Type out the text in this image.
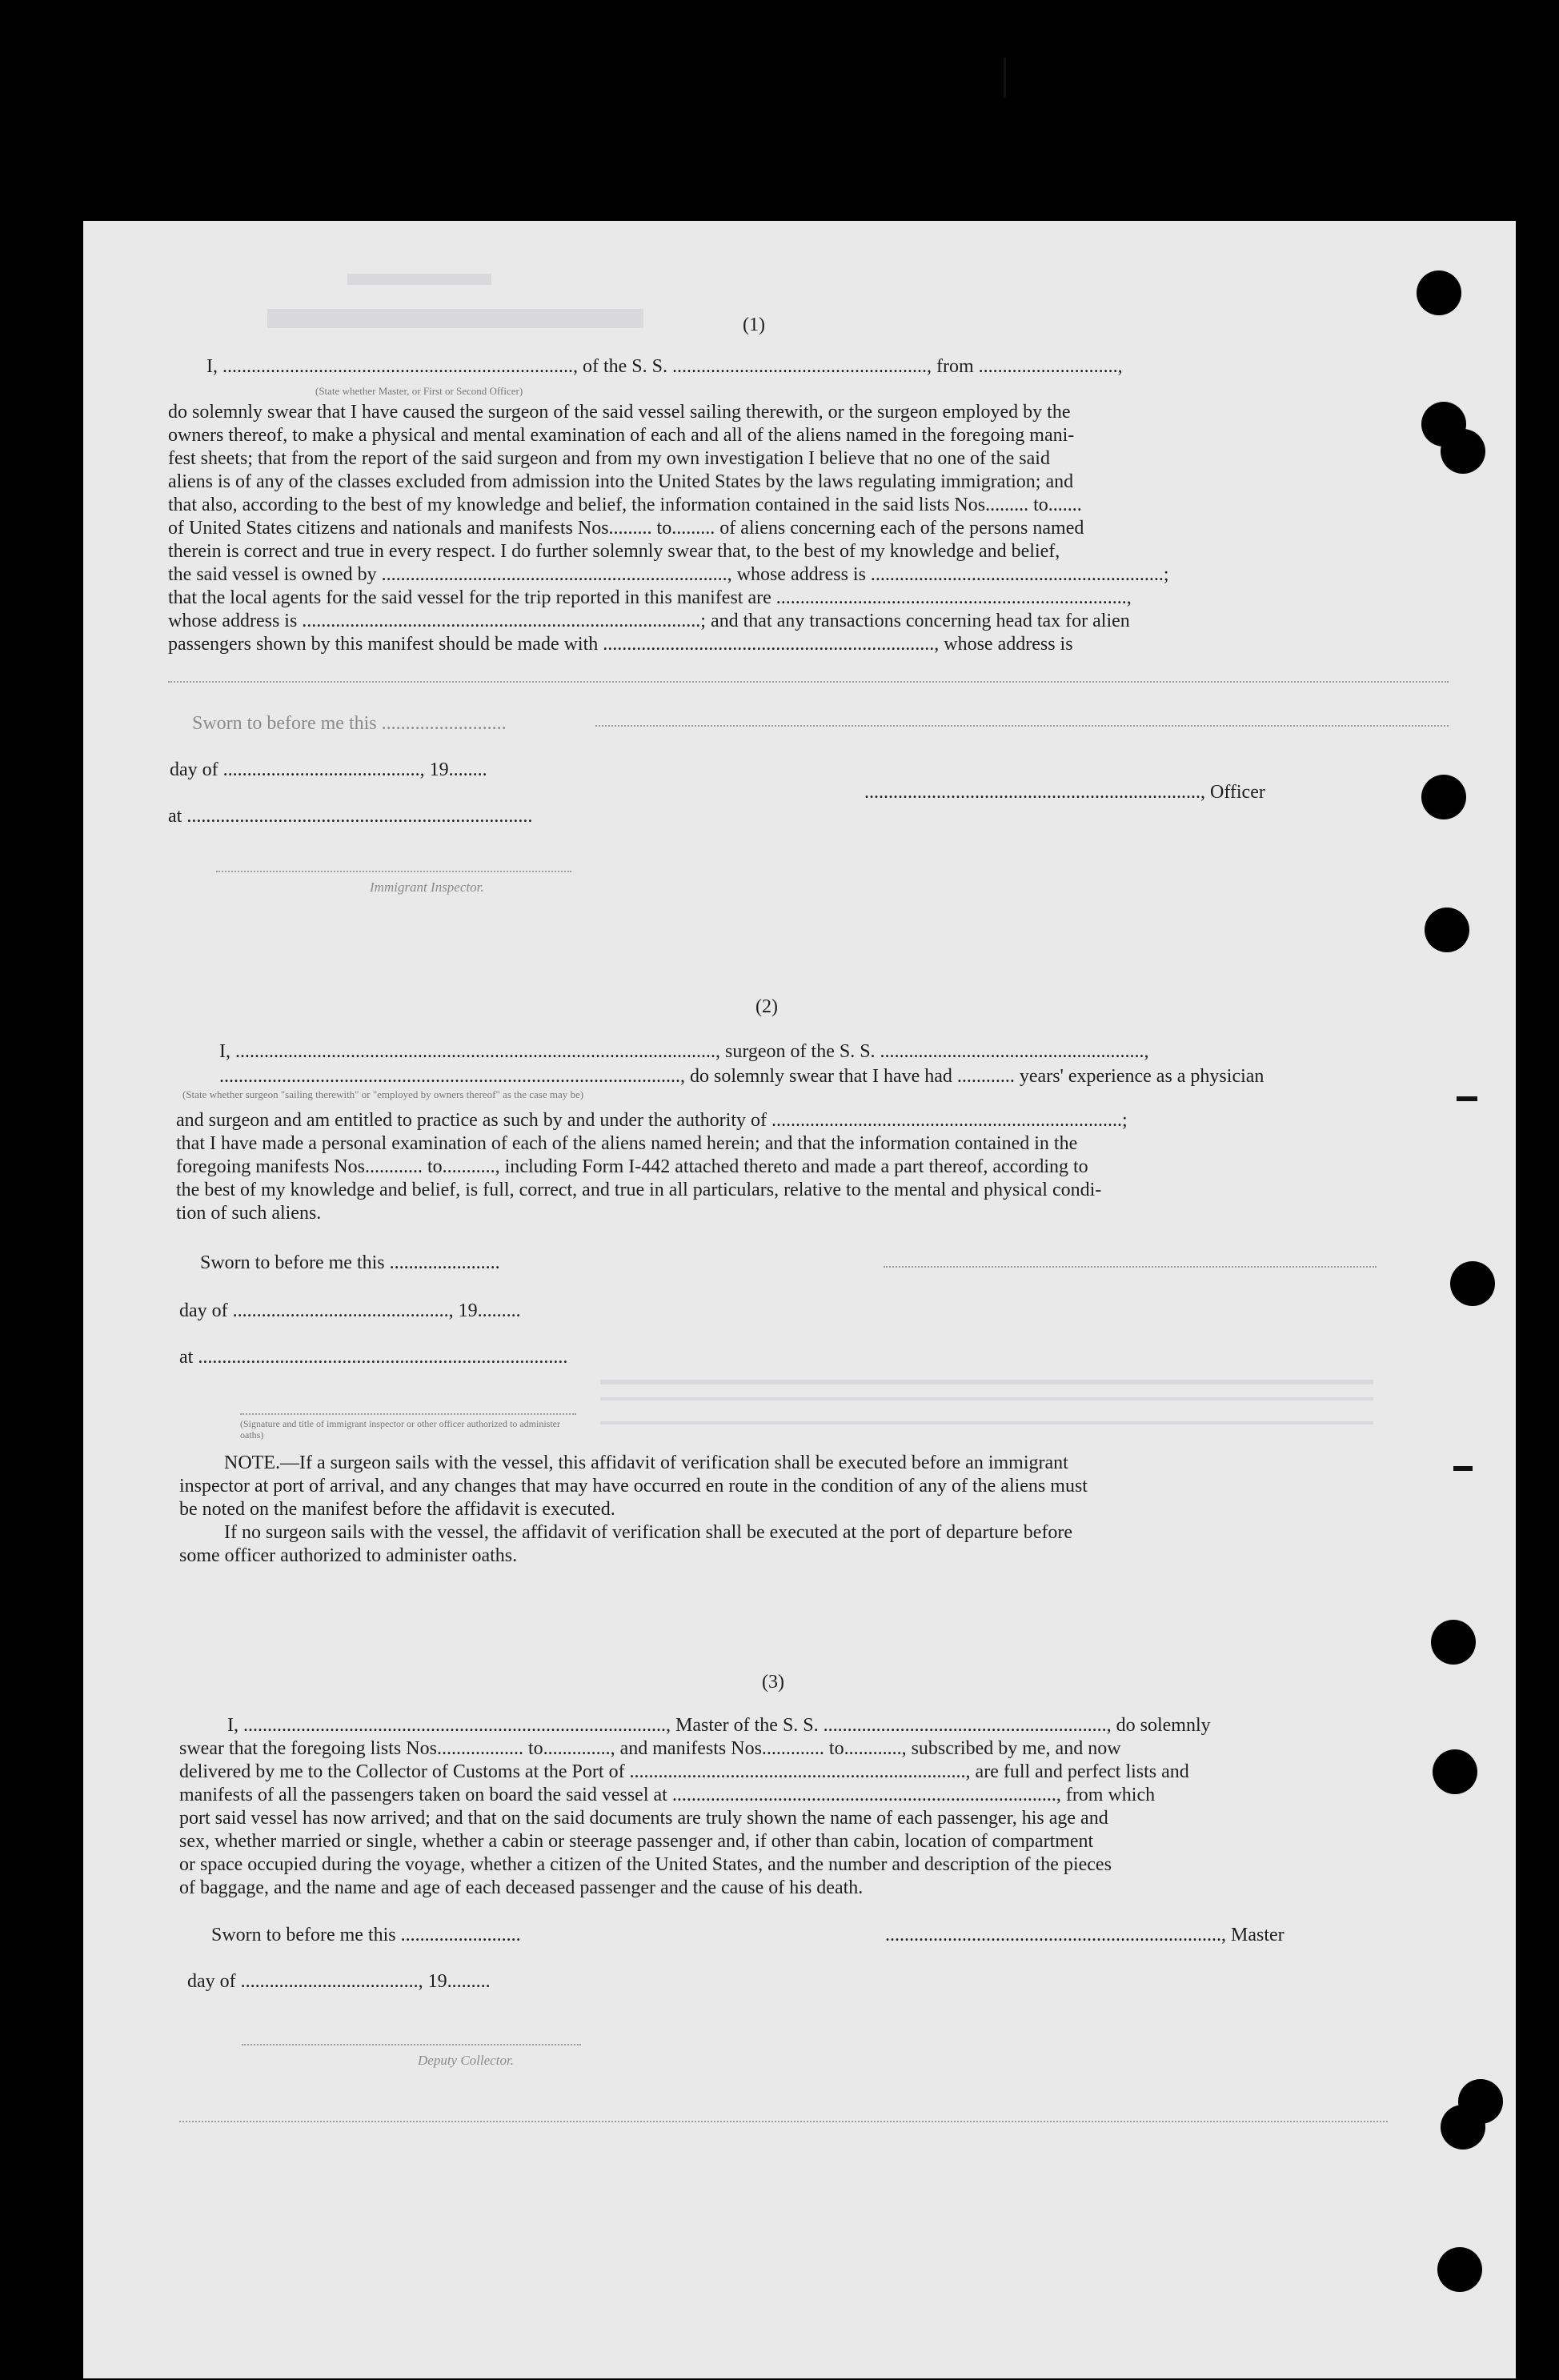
(1)
I, ........................................................................., of the S. S. ....................................................., from .............................,
(State whether Master, or First or Second Officer)
do solemnly swear that I have caused the surgeon of the said vessel sailing therewith, or the surgeon employed by the
owners thereof, to make a physical and mental examination of each and all of the aliens named in the foregoing mani-
fest sheets; that from the report of the said surgeon and from my own investigation I believe that no one of the said
aliens is of any of the classes excluded from admission into the United States by the laws regulating immigration; and
that also, according to the best of my knowledge and belief, the information contained in the said lists Nos......... to.......
of United States citizens and nationals and manifests Nos......... to......... of aliens concerning each of the persons named
therein is correct and true in every respect. I do further solemnly swear that, to the best of my knowledge and belief,
the said vessel is owned by ........................................................................, whose address is .............................................................;
that the local agents for the said vessel for the trip reported in this manifest are .........................................................................,
whose address is ...................................................................................; and that any transactions concerning head tax for alien
passengers shown by this manifest should be made with ....................................................................., whose address is
Sworn to before me this ..........................
day of ........................................., 19........
......................................................................, Officer
at ........................................................................
Immigrant Inspector.
(2)
I, ...................................................................................................., surgeon of the S. S. .......................................................,
................................................................................................, do solemnly swear that I have had ............ years' experience as a physician
(State whether surgeon "sailing therewith" or "employed by owners thereof" as the case may be)
and surgeon and am entitled to practice as such by and under the authority of .........................................................................;
that I have made a personal examination of each of the aliens named herein; and that the information contained in the
foregoing manifests Nos............ to..........., including Form I-442 attached thereto and made a part thereof, according to
the best of my knowledge and belief, is full, correct, and true in all particulars, relative to the mental and physical condi-
tion of such aliens.
Sworn to before me this .......................
day of ............................................., 19.........
at .............................................................................
(Signature and title of immigrant inspector or other officer authorized to administer oaths)
NOTE.—If a surgeon sails with the vessel, this affidavit of verification shall be executed before an immigrant
inspector at port of arrival, and any changes that may have occurred en route in the condition of any of the aliens must
be noted on the manifest before the affidavit is executed.
If no surgeon sails with the vessel, the affidavit of verification shall be executed at the port of departure before
some officer authorized to administer oaths.
(3)
I, ........................................................................................, Master of the S. S. ..........................................................., do solemnly
swear that the foregoing lists Nos.................. to.............., and manifests Nos............. to............, subscribed by me, and now
delivered by me to the Collector of Customs at the Port of ......................................................................, are full and perfect lists and
manifests of all the passengers taken on board the said vessel at ................................................................................, from which
port said vessel has now arrived; and that on the said documents are truly shown the name of each passenger, his age and
sex, whether married or single, whether a cabin or steerage passenger and, if other than cabin, location of compartment
or space occupied during the voyage, whether a citizen of the United States, and the number and description of the pieces
of baggage, and the name and age of each deceased passenger and the cause of his death.
Sworn to before me this .........................	......................................................................, Master
day of ....................................., 19.........
Deputy Collector.
